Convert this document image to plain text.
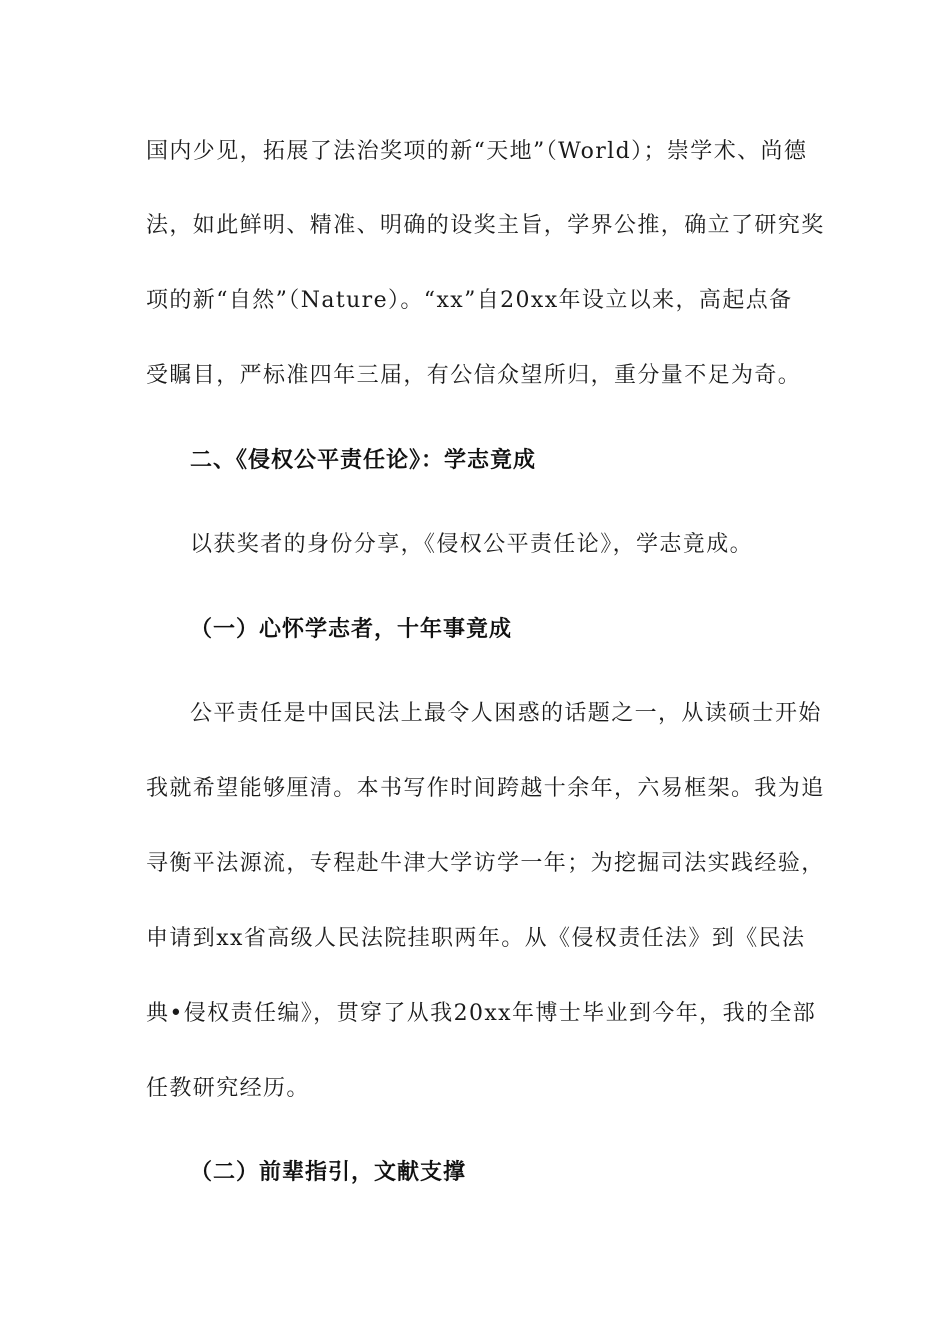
国内少见，拓展了法治奖项的新“天地”（World）；崇学术、尚德
法，如此鲜明、精准、明确的设奖主旨，学界公推，确立了研究奖
项的新“自然”（Nature）。“xx”自20xx年设立以来，高起点备
受瞩目，严标准四年三届，有公信众望所归，重分量不足为奇。
二、《侵权公平责任论》：学志竟成
以获奖者的身份分享，《侵权公平责任论》，学志竟成。
（一）心怀学志者，十年事竟成
公平责任是中国民法上最令人困惑的话题之一，从读硕士开始
我就希望能够厘清。本书写作时间跨越十余年，六易框架。我为追
寻衡平法源流，专程赴牛津大学访学一年；为挖掘司法实践经验，
申请到xx省高级人民法院挂职两年。从《侵权责任法》到《民法
典•侵权责任编》，贯穿了从我20xx年博士毕业到今年，我的全部
任教研究经历。
（二）前辈指引，文献支撑
